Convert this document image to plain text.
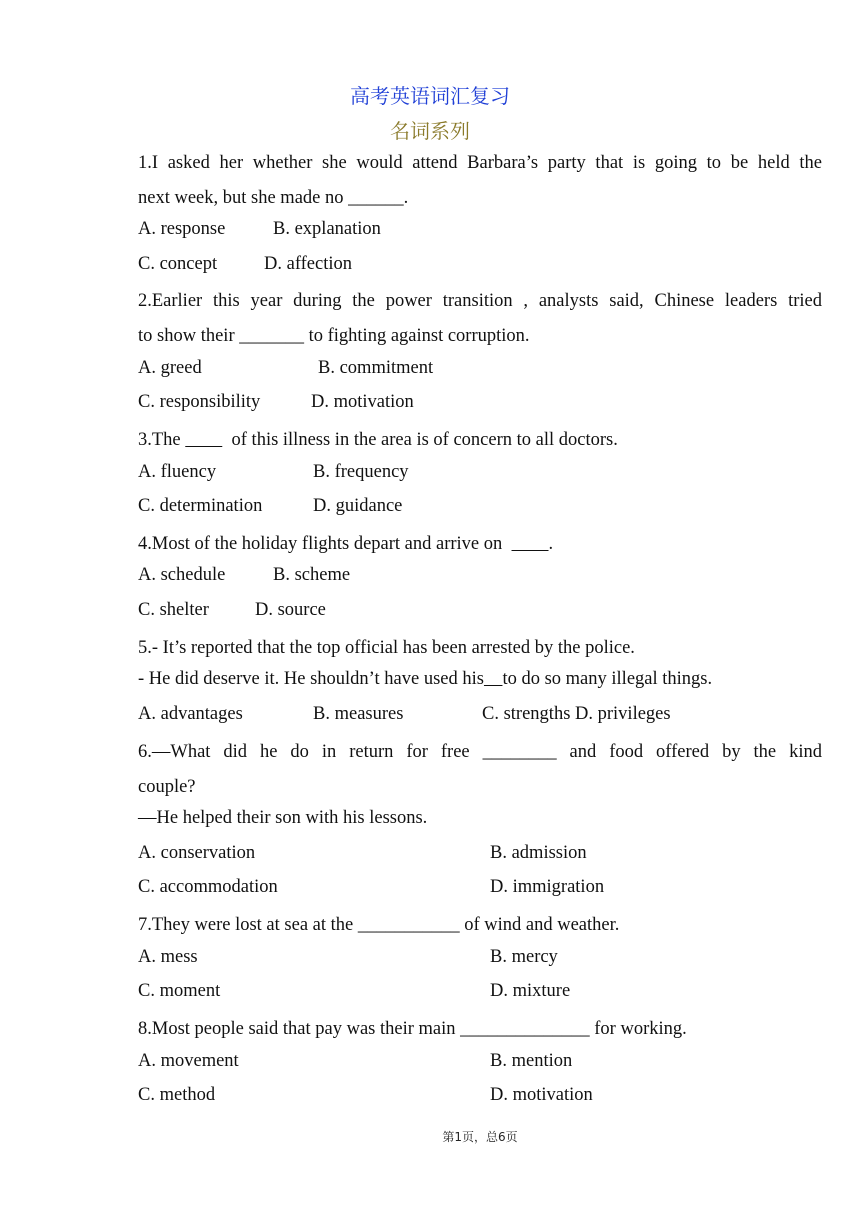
高考英语词汇复习
名词系列
1.I asked her whether she would attend Barbara’s party that is going to be held the
next week, but she made no ______.
A. response	B. explanation
C. concept	D. affection
2.Earlier this year during the power transition , analysts said, Chinese leaders tried
to show their _______ to fighting against corruption.
A. greed	B. commitment
C. responsibility	D. motivation
3.The           of this illness in the area is of concern to all doctors.
A. fluency	B. frequency
C. determination	D. guidance
4.Most of the holiday flights depart and arrive on          .
A. schedule	B. scheme
C. shelter D. source
5.- It’s reported that the top official has been arrested by the police.
- He did deserve it. He shouldn’t have used his to do so many illegal things.
A. advantages	B. measures	C. strengths D. privileges
6.—What did he do in return for free ________ and food offered by the kind
couple?
—He helped their son with his lessons.
A. conservation	B. admission
C. accommodation	D. immigration
7.They were lost at sea at the ___________ of wind and weather.
A. mess	B. mercy
C. moment	D. mixture
8.Most people said that pay was their main ______________ for working.
A. movement	B. mention
C. method	D. motivation
第1页，总6页
